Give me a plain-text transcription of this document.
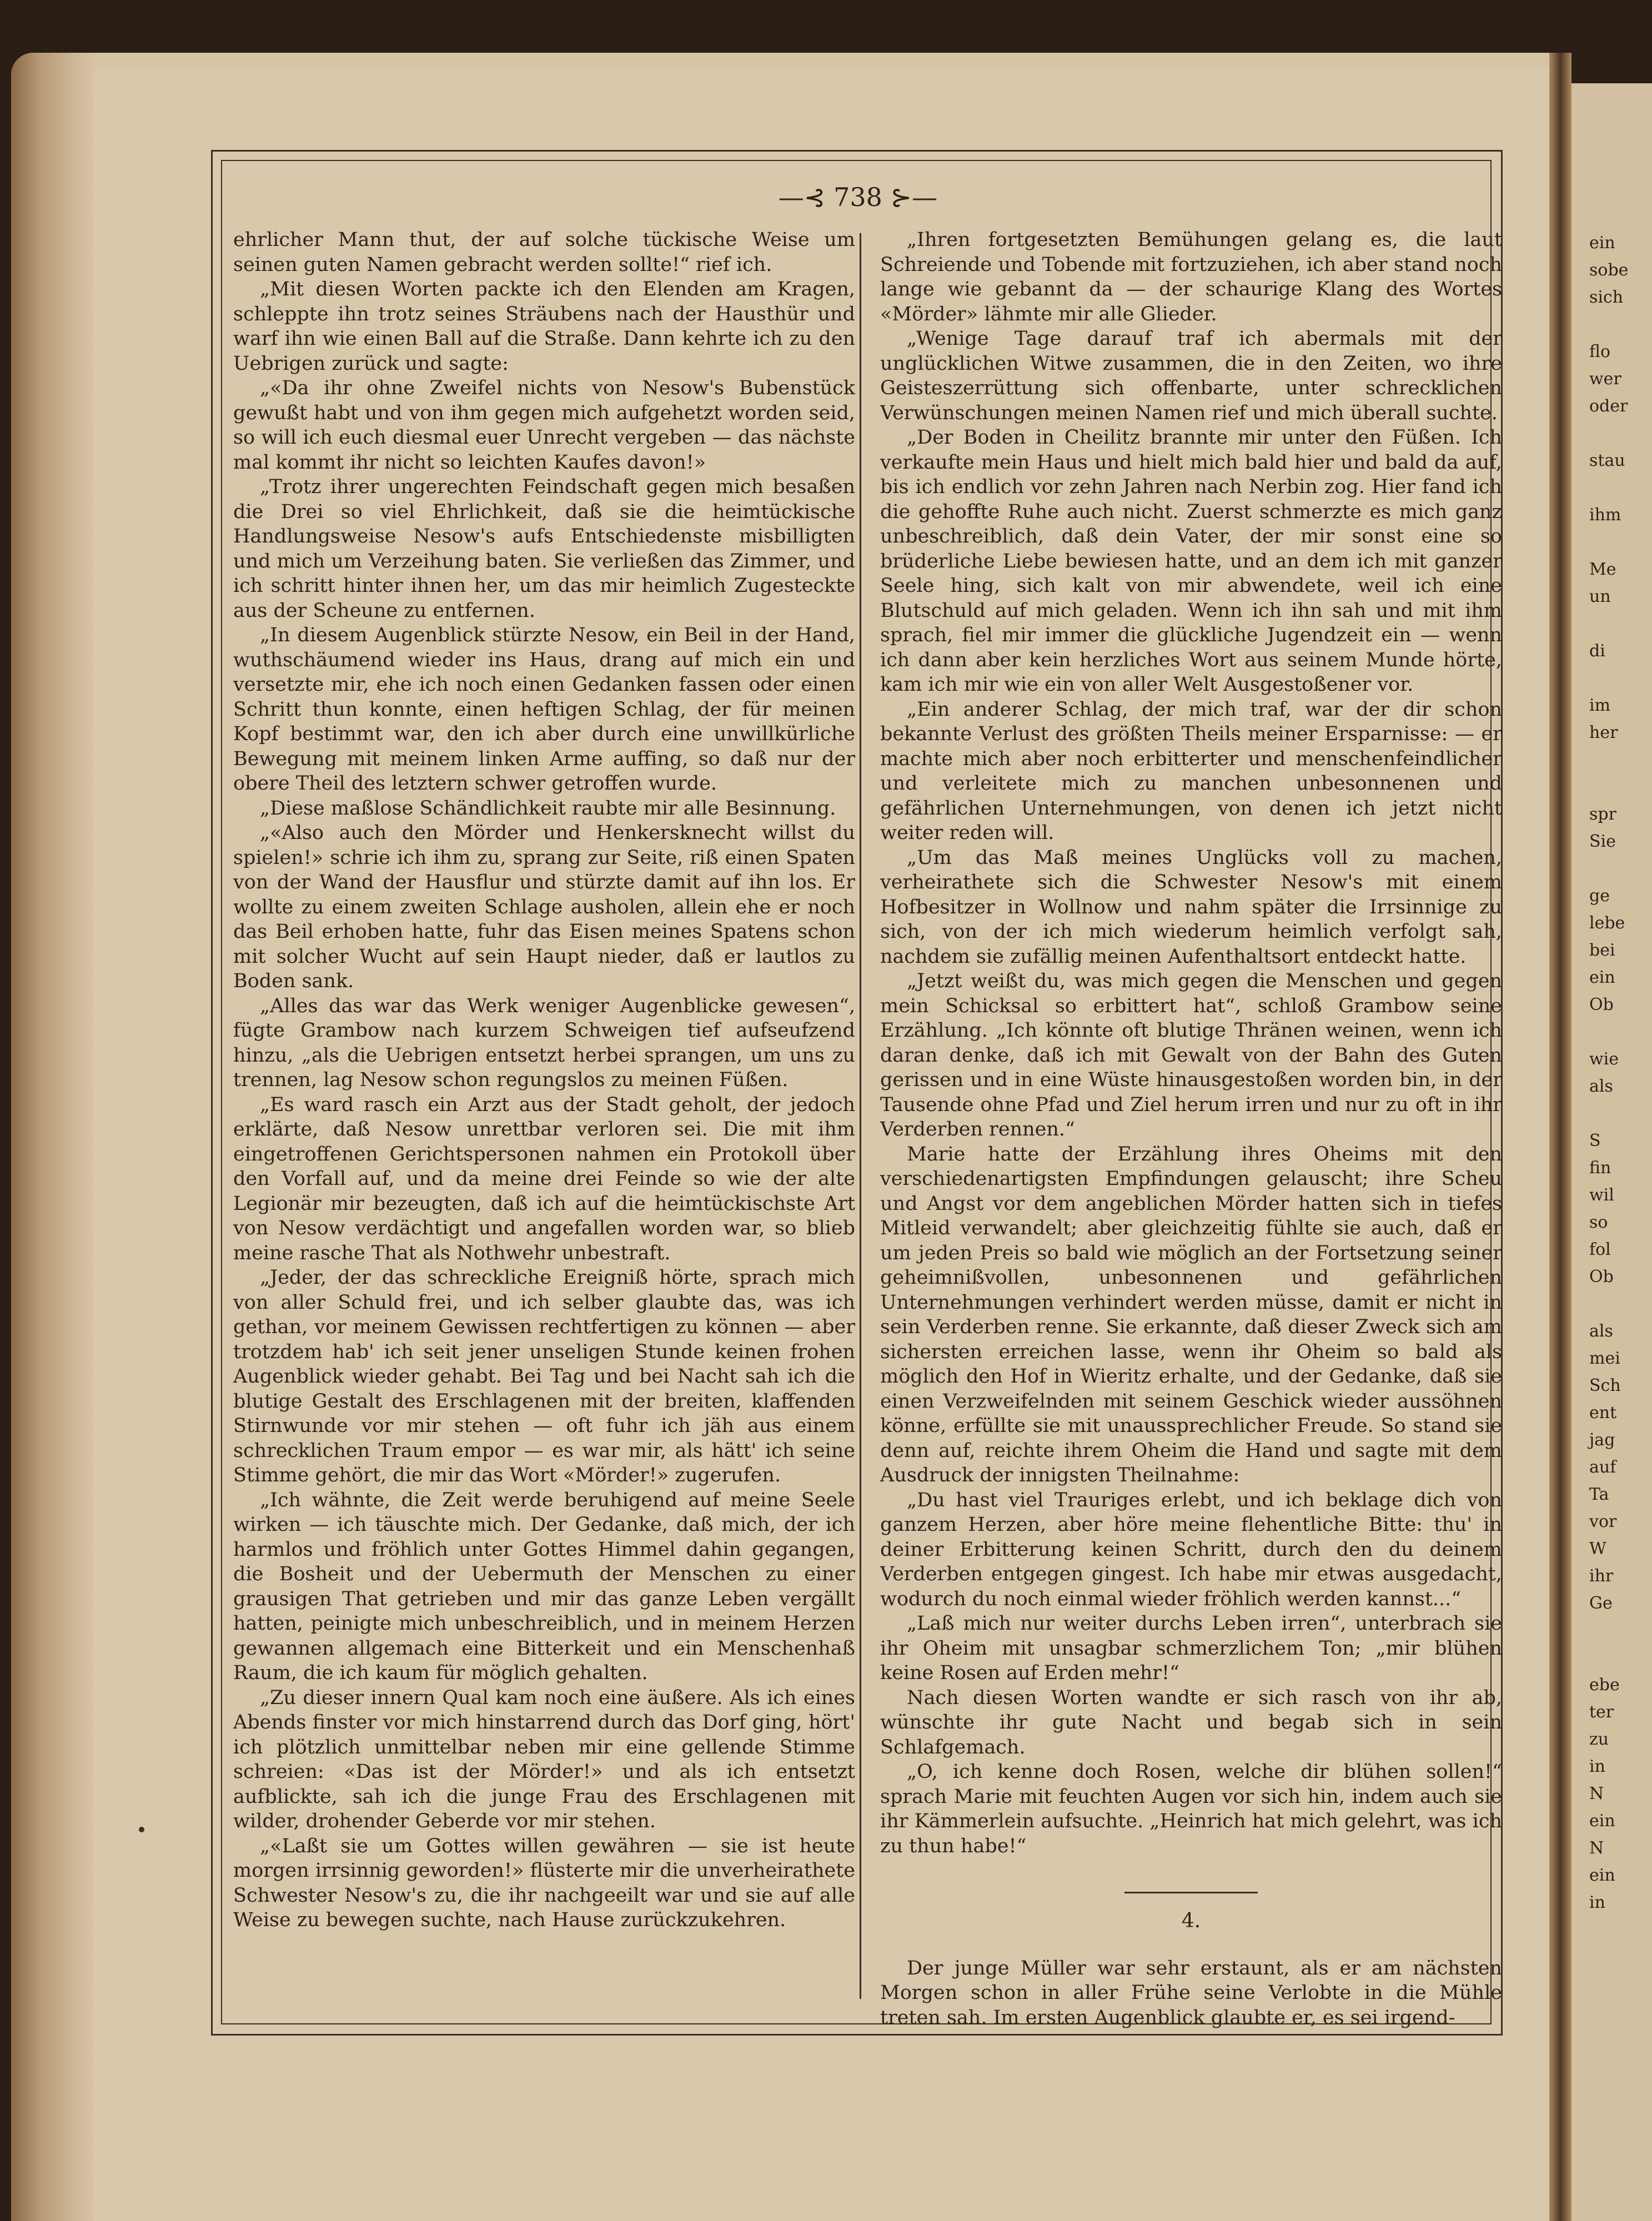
—⊰ 738 ⊱—

ehrlicher Mann thut, der auf solche tückische Weise um seinen guten Namen gebracht werden sollte!“ rief ich.

„Mit diesen Worten packte ich den Elenden am Kragen, schleppte ihn trotz seines Sträubens nach der Hausthür und warf ihn wie einen Ball auf die Straße. Dann kehrte ich zu den Uebrigen zurück und sagte:

„«Da ihr ohne Zweifel nichts von Nesow's Bubenstück gewußt habt und von ihm gegen mich aufgehetzt worden seid, so will ich euch diesmal euer Unrecht vergeben — das nächste mal kommt ihr nicht so leichten Kaufes davon!»

„Trotz ihrer ungerechten Feindschaft gegen mich besaßen die Drei so viel Ehrlichkeit, daß sie die heimtückische Handlungsweise Nesow's aufs Entschiedenste misbilligten und mich um Verzeihung baten. Sie verließen das Zimmer, und ich schritt hinter ihnen her, um das mir heimlich Zugesteckte aus der Scheune zu entfernen.

„In diesem Augenblick stürzte Nesow, ein Beil in der Hand, wuthschäumend wieder ins Haus, drang auf mich ein und versetzte mir, ehe ich noch einen Gedanken fassen oder einen Schritt thun konnte, einen heftigen Schlag, der für meinen Kopf bestimmt war, den ich aber durch eine unwillkürliche Bewegung mit meinem linken Arme auffing, so daß nur der obere Theil des letztern schwer getroffen wurde.

„Diese maßlose Schändlichkeit raubte mir alle Besinnung.

„«Also auch den Mörder und Henkersknecht willst du spielen!» schrie ich ihm zu, sprang zur Seite, riß einen Spaten von der Wand der Hausflur und stürzte damit auf ihn los. Er wollte zu einem zweiten Schlage ausholen, allein ehe er noch das Beil erhoben hatte, fuhr das Eisen meines Spatens schon mit solcher Wucht auf sein Haupt nieder, daß er lautlos zu Boden sank.

„Alles das war das Werk weniger Augenblicke gewesen“, fügte Grambow nach kurzem Schweigen tief aufseufzend hinzu, „als die Uebrigen entsetzt herbei sprangen, um uns zu trennen, lag Nesow schon regungslos zu meinen Füßen.

„Es ward rasch ein Arzt aus der Stadt geholt, der jedoch erklärte, daß Nesow unrettbar verloren sei. Die mit ihm eingetroffenen Gerichtspersonen nahmen ein Protokoll über den Vorfall auf, und da meine drei Feinde so wie der alte Legionär mir bezeugten, daß ich auf die heimtückischste Art von Nesow verdächtigt und angefallen worden war, so blieb meine rasche That als Nothwehr unbestraft.

„Jeder, der das schreckliche Ereigniß hörte, sprach mich von aller Schuld frei, und ich selber glaubte das, was ich gethan, vor meinem Gewissen rechtfertigen zu können — aber trotzdem hab' ich seit jener unseligen Stunde keinen frohen Augenblick wieder gehabt. Bei Tag und bei Nacht sah ich die blutige Gestalt des Erschlagenen mit der breiten, klaffenden Stirnwunde vor mir stehen — oft fuhr ich jäh aus einem schrecklichen Traum empor — es war mir, als hätt' ich seine Stimme gehört, die mir das Wort «Mörder!» zugerufen.

„Ich wähnte, die Zeit werde beruhigend auf meine Seele wirken — ich täuschte mich. Der Gedanke, daß mich, der ich harmlos und fröhlich unter Gottes Himmel dahin gegangen, die Bosheit und der Uebermuth der Menschen zu einer grausigen That getrieben und mir das ganze Leben vergällt hatten, peinigte mich unbeschreiblich, und in meinem Herzen gewannen allgemach eine Bitterkeit und ein Menschenhaß Raum, die ich kaum für möglich gehalten.

„Zu dieser innern Qual kam noch eine äußere. Als ich eines Abends finster vor mich hinstarrend durch das Dorf ging, hört' ich plötzlich unmittelbar neben mir eine gellende Stimme schreien: «Das ist der Mörder!» und als ich entsetzt aufblickte, sah ich die junge Frau des Erschlagenen mit wilder, drohender Geberde vor mir stehen.

„«Laßt sie um Gottes willen gewähren — sie ist heute morgen irrsinnig geworden!» flüsterte mir die unverheirathete Schwester Nesow's zu, die ihr nachgeeilt war und sie auf alle Weise zu bewegen suchte, nach Hause zurückzukehren.

„Ihren fortgesetzten Bemühungen gelang es, die laut Schreiende und Tobende mit fortzuziehen, ich aber stand noch lange wie gebannt da — der schaurige Klang des Wortes «Mörder» lähmte mir alle Glieder.

„Wenige Tage darauf traf ich abermals mit der unglücklichen Witwe zusammen, die in den Zeiten, wo ihre Geisteszerrüttung sich offenbarte, unter schrecklichen Verwünschungen meinen Namen rief und mich überall suchte.

„Der Boden in Cheilitz brannte mir unter den Füßen. Ich verkaufte mein Haus und hielt mich bald hier und bald da auf, bis ich endlich vor zehn Jahren nach Nerbin zog. Hier fand ich die gehoffte Ruhe auch nicht. Zuerst schmerzte es mich ganz unbeschreiblich, daß dein Vater, der mir sonst eine so brüderliche Liebe bewiesen hatte, und an dem ich mit ganzer Seele hing, sich kalt von mir abwendete, weil ich eine Blutschuld auf mich geladen. Wenn ich ihn sah und mit ihm sprach, fiel mir immer die glückliche Jugendzeit ein — wenn ich dann aber kein herzliches Wort aus seinem Munde hörte, kam ich mir wie ein von aller Welt Ausgestoßener vor.

„Ein anderer Schlag, der mich traf, war der dir schon bekannte Verlust des größten Theils meiner Ersparnisse: — er machte mich aber noch erbitterter und menschenfeindlicher und verleitete mich zu manchen unbesonnenen und gefährlichen Unternehmungen, von denen ich jetzt nicht weiter reden will.

„Um das Maß meines Unglücks voll zu machen, verheirathete sich die Schwester Nesow's mit einem Hofbesitzer in Wollnow und nahm später die Irrsinnige zu sich, von der ich mich wiederum heimlich verfolgt sah, nachdem sie zufällig meinen Aufenthaltsort entdeckt hatte.

„Jetzt weißt du, was mich gegen die Menschen und gegen mein Schicksal so erbittert hat“, schloß Grambow seine Erzählung. „Ich könnte oft blutige Thränen weinen, wenn ich daran denke, daß ich mit Gewalt von der Bahn des Guten gerissen und in eine Wüste hinausgestoßen worden bin, in der Tausende ohne Pfad und Ziel herum irren und nur zu oft in ihr Verderben rennen.“

Marie hatte der Erzählung ihres Oheims mit den verschiedenartigsten Empfindungen gelauscht; ihre Scheu und Angst vor dem angeblichen Mörder hatten sich in tiefes Mitleid verwandelt; aber gleichzeitig fühlte sie auch, daß er um jeden Preis so bald wie möglich an der Fortsetzung seiner geheimnißvollen, unbesonnenen und gefährlichen Unternehmungen verhindert werden müsse, damit er nicht in sein Verderben renne. Sie erkannte, daß dieser Zweck sich am sichersten erreichen lasse, wenn ihr Oheim so bald als möglich den Hof in Wieritz erhalte, und der Gedanke, daß sie einen Verzweifelnden mit seinem Geschick wieder aussöhnen könne, erfüllte sie mit unaussprechlicher Freude. So stand sie denn auf, reichte ihrem Oheim die Hand und sagte mit dem Ausdruck der innigsten Theilnahme:

„Du hast viel Trauriges erlebt, und ich beklage dich von ganzem Herzen, aber höre meine flehentliche Bitte: thu' in deiner Erbitterung keinen Schritt, durch den du deinem Verderben entgegen gingest. Ich habe mir etwas ausgedacht, wodurch du noch einmal wieder fröhlich werden kannst...“

„Laß mich nur weiter durchs Leben irren“, unterbrach sie ihr Oheim mit unsagbar schmerzlichem Ton; „mir blühen keine Rosen auf Erden mehr!“

Nach diesen Worten wandte er sich rasch von ihr ab, wünschte ihr gute Nacht und begab sich in sein Schlafgemach.

„O, ich kenne doch Rosen, welche dir blühen sollen!“ sprach Marie mit feuchten Augen vor sich hin, indem auch sie ihr Kämmerlein aufsuchte. „Heinrich hat mich gelehrt, was ich zu thun habe!“

4.

Der junge Müller war sehr erstaunt, als er am nächsten Morgen schon in aller Frühe seine Verlobte in die Mühle treten sah. Im ersten Augenblick glaubte er, es sei irgend-

ein
sobe
sich
flo
wer
oder
stau
ihm
Me
un
di
im
her
spr
Sie
ge
lebe
bei
ein
Ob
wie
als
S
fin
wil
so
fol
Ob
als
mei
Sch
ent
jag
auf
Ta
vor
W
ihr
Ge
ebe
ter
zu
in
N
ein
N
ein
in
